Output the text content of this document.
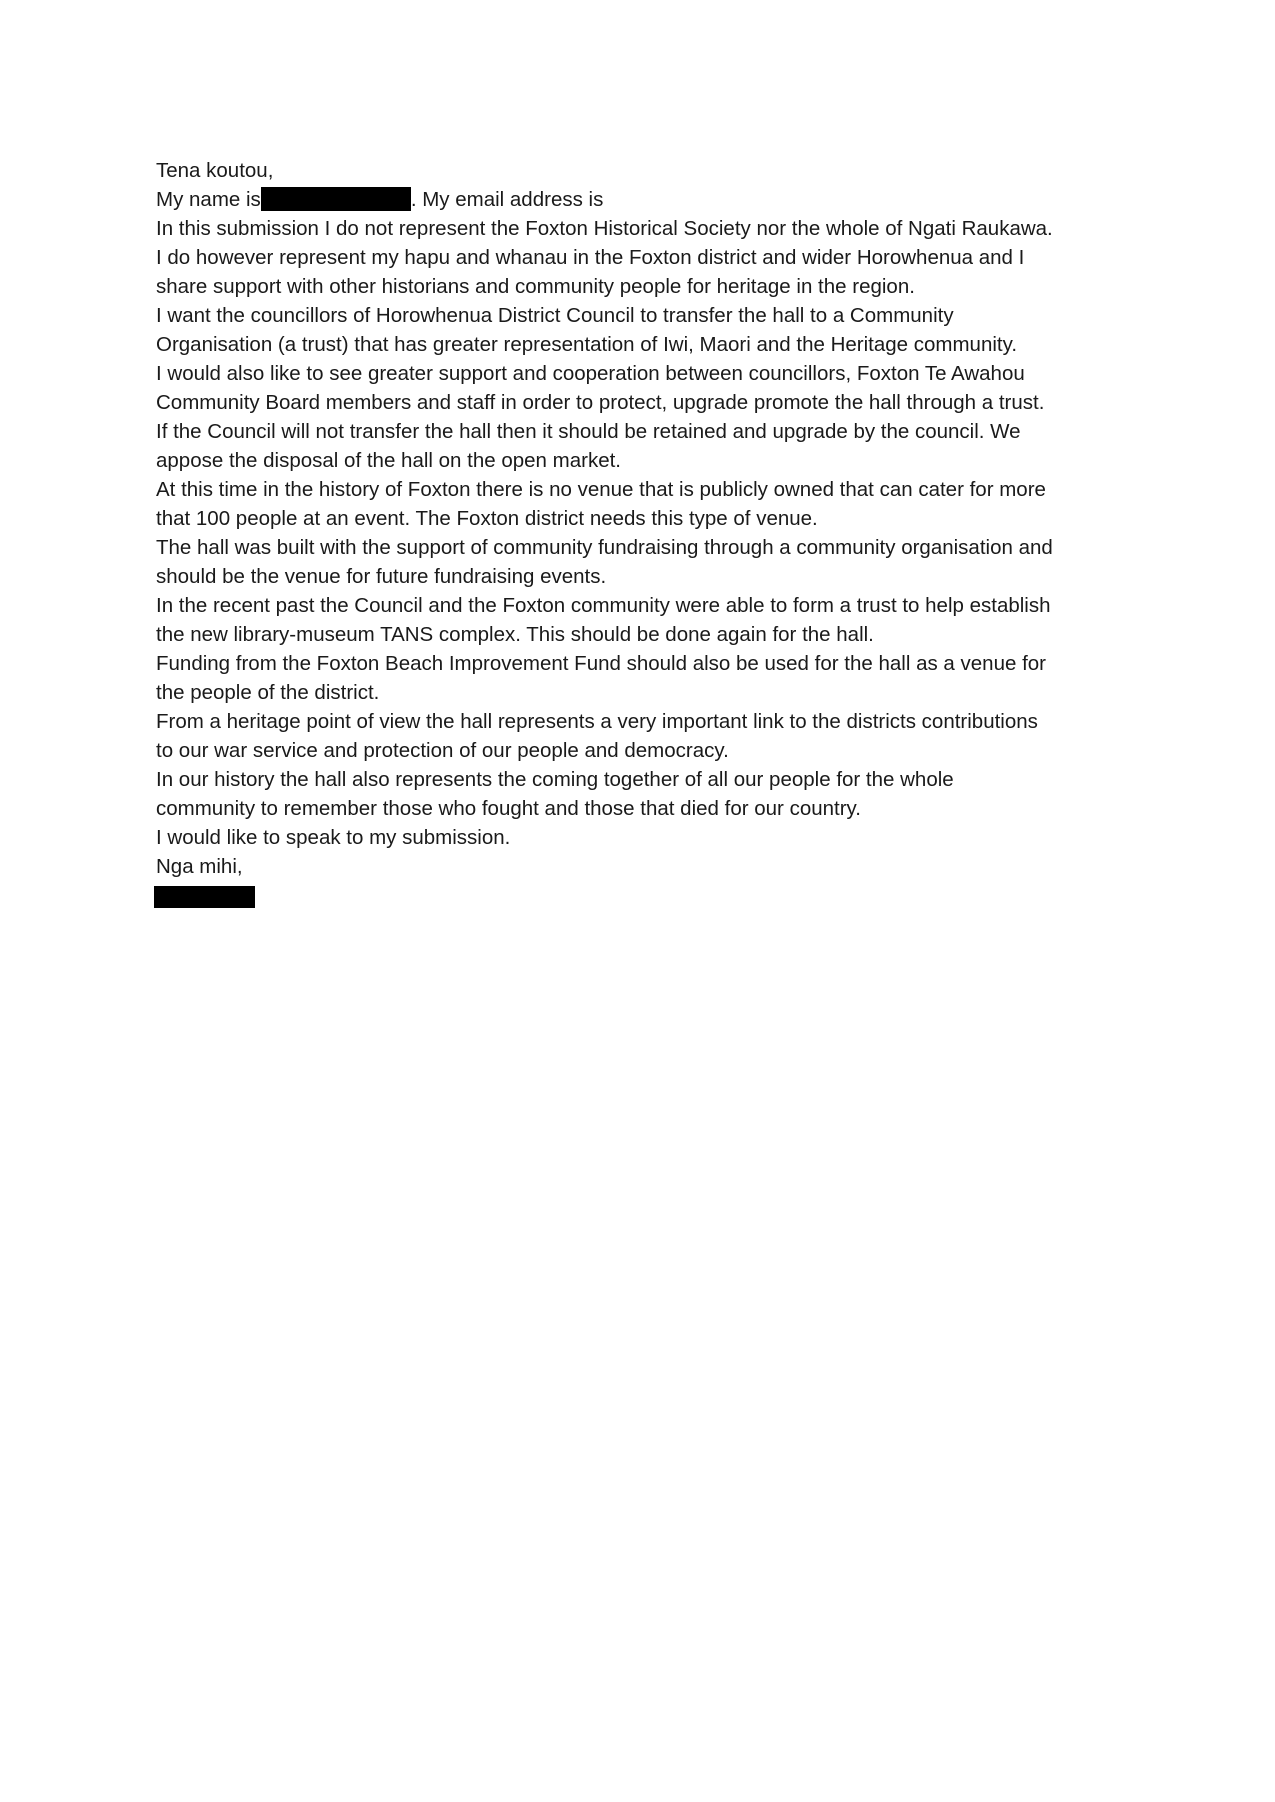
Tena koutou,
My name is	. My email address is
In this submission I do not represent the Foxton Historical Society nor the whole of Ngati Raukawa.
I do however represent my hapu and whanau in the Foxton district and wider Horowhenua and I
share support with other historians and community people for heritage in the region.
I want the councillors of Horowhenua District Council to transfer the hall to a Community
Organisation (a trust) that has greater representation of Iwi, Maori and the Heritage community.
I would also like to see greater support and cooperation between councillors, Foxton Te Awahou
Community Board members and staff in order to protect, upgrade promote the hall through a trust.
If the Council will not transfer the hall then it should be retained and upgrade by the council. We
appose the disposal of the hall on the open market.
At this time in the history of Foxton there is no venue that is publicly owned that can cater for more
that 100 people at an event. The Foxton district needs this type of venue.
The hall was built with the support of community fundraising through a community organisation and
should be the venue for future fundraising events.
In the recent past the Council and the Foxton community were able to form a trust to help establish
the new library-museum TANS complex. This should be done again for the hall.
Funding from the Foxton Beach Improvement Fund should also be used for the hall as a venue for
the people of the district.
From a heritage point of view the hall represents a very important link to the districts contributions
to our war service and protection of our people and democracy.
In our history the hall also represents the coming together of all our people for the whole
community to remember those who fought and those that died for our country.
I would like to speak to my submission.
Nga mihi,
